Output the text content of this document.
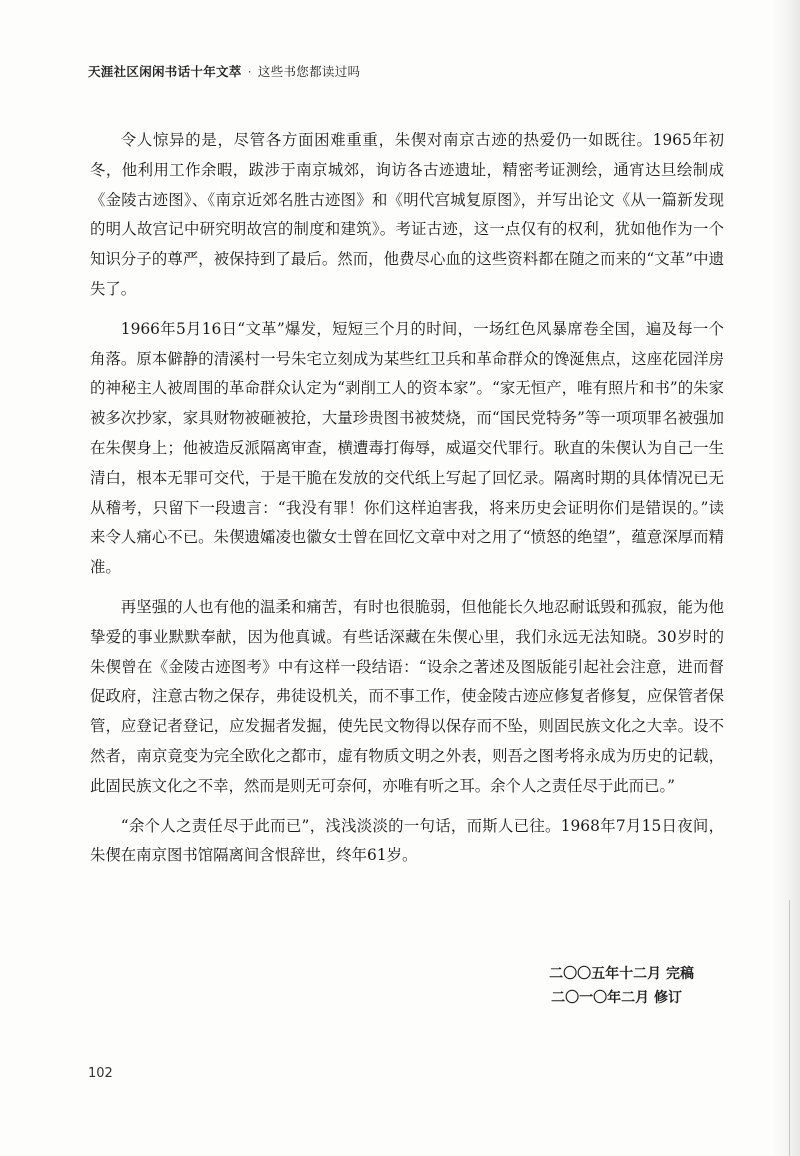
天涯社区闲闲书话十年文萃 · 这些书您都读过吗

令人惊异的是，尽管各方面困难重重，朱偰对南京古迹的热爱仍一如既往。1965年初冬，他利用工作余暇，跋涉于南京城郊，询访各古迹遗址，精密考证测绘，通宵达旦绘制成《金陵古迹图》、《南京近郊名胜古迹图》和《明代宫城复原图》，并写出论文《从一篇新发现的明人故宫记中研究明故宫的制度和建筑》。考证古迹，这一点仅有的权利，犹如他作为一个知识分子的尊严，被保持到了最后。然而，他费尽心血的这些资料都在随之而来的“文革”中遗失了。

1966年5月16日“文革”爆发，短短三个月的时间，一场红色风暴席卷全国，遍及每一个角落。原本僻静的清溪村一号朱宅立刻成为某些红卫兵和革命群众的馋涎焦点，这座花园洋房的神秘主人被周围的革命群众认定为“剥削工人的资本家”。“家无恒产，唯有照片和书”的朱家被多次抄家，家具财物被砸被抢，大量珍贵图书被焚烧，而“国民党特务”等一项项罪名被强加在朱偰身上；他被造反派隔离审查，横遭毒打侮辱，威逼交代罪行。耿直的朱偰认为自己一生清白，根本无罪可交代，于是干脆在发放的交代纸上写起了回忆录。隔离时期的具体情况已无从稽考，只留下一段遗言：“我没有罪！你们这样迫害我，将来历史会证明你们是错误的。”读来令人痛心不已。朱偰遗孀凌也徽女士曾在回忆文章中对之用了“愤怒的绝望”，蕴意深厚而精准。

再坚强的人也有他的温柔和痛苦，有时也很脆弱，但他能长久地忍耐诋毁和孤寂，能为他挚爱的事业默默奉献，因为他真诚。有些话深藏在朱偰心里，我们永远无法知晓。30岁时的朱偰曾在《金陵古迹图考》中有这样一段结语：“设余之著述及图版能引起社会注意，进而督促政府，注意古物之保存，弗徒设机关，而不事工作，使金陵古迹应修复者修复，应保管者保管，应登记者登记，应发掘者发掘，使先民文物得以保存而不坠，则固民族文化之大幸。设不然者，南京竟变为完全欧化之都市，虚有物质文明之外表，则吾之图考将永成为历史的记载，此固民族文化之不幸，然而是则无可奈何，亦唯有听之耳。余个人之责任尽于此而已。”

“余个人之责任尽于此而已”，浅浅淡淡的一句话，而斯人已往。1968年7月15日夜间，朱偰在南京图书馆隔离间含恨辞世，终年61岁。

二〇〇五年十二月 完稿
二〇一〇年二月 修订
102
